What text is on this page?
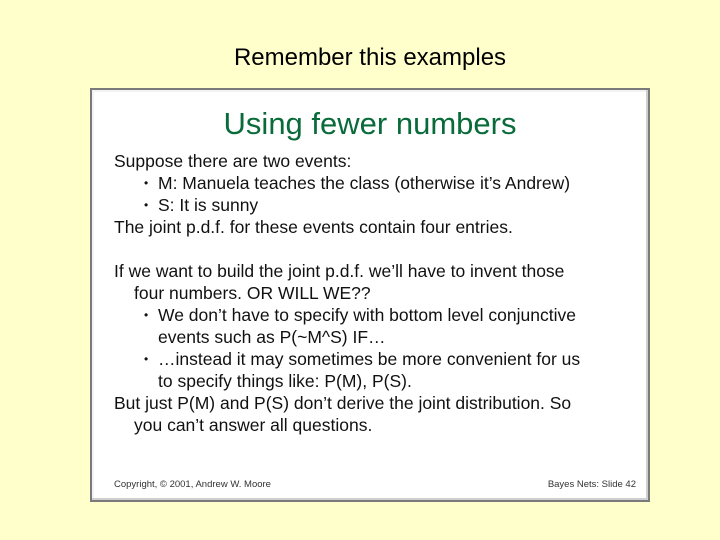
Remember this examples
Using fewer numbers
Suppose there are two events:
• M: Manuela teaches the class (otherwise it’s Andrew)
• S: It is sunny
The joint p.d.f. for these events contain four entries.
If we want to build the joint p.d.f. we’ll have to invent those
four numbers. OR WILL WE??
• We don’t have to specify with bottom level conjunctive
events such as P(~M^S) IF…
• …instead it may sometimes be more convenient for us
to specify things like: P(M), P(S).
But just P(M) and P(S) don’t derive the joint distribution. So
you can’t answer all questions.
Copyright, © 2001, Andrew W. Moore	Bayes Nets: Slide 42
